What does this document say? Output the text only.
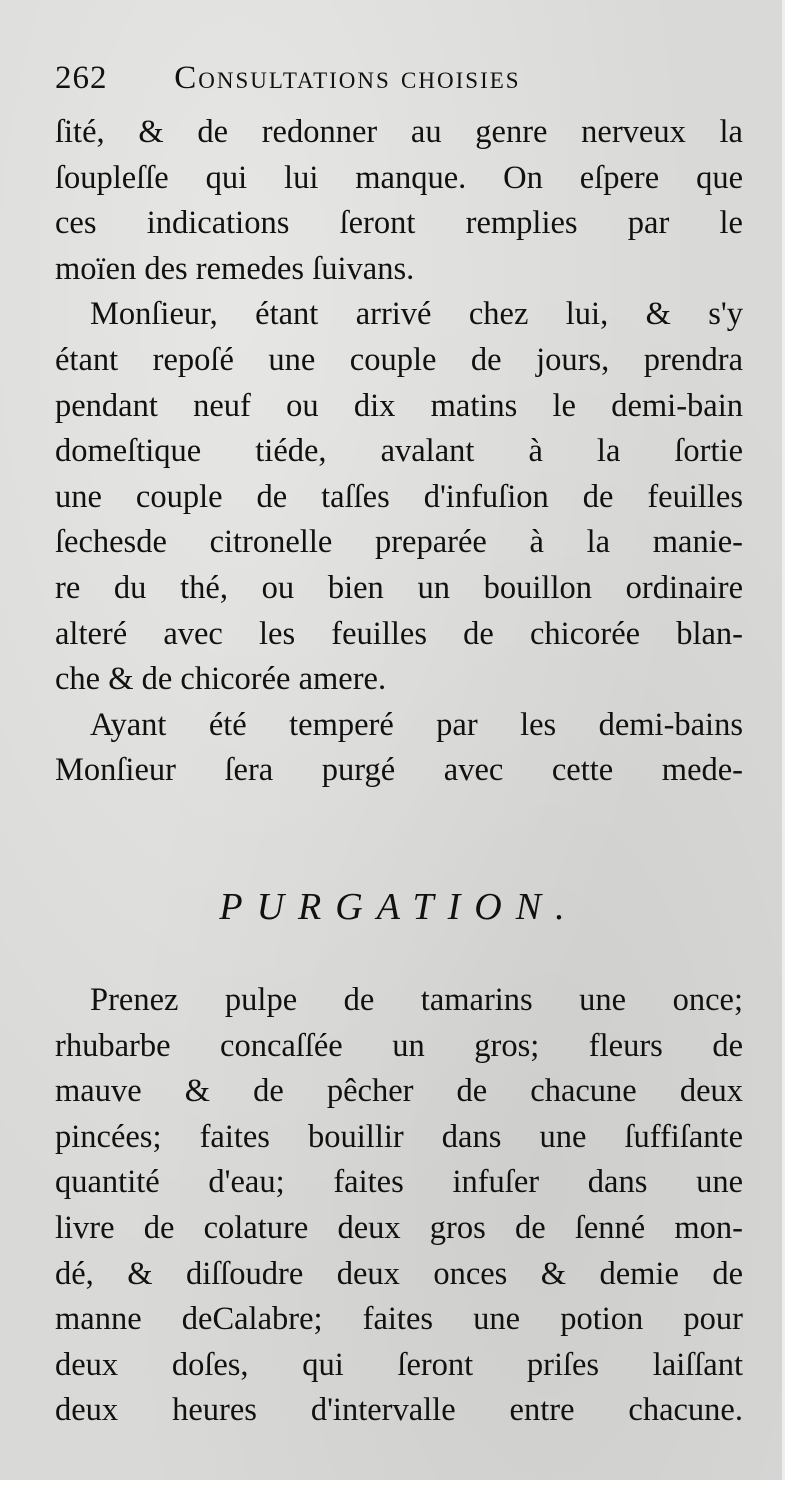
262 Consultations choisies
ſité, & de redonner au genre nerveux la
ſoupleſſe qui lui manque. On eſpere que
ces indications ſeront remplies par le
moïen des remedes ſuivans.
Monſieur, étant arrivé chez lui, & s'y
étant repoſé une couple de jours, prendra
pendant neuf ou dix matins le demi-bain
domeſtique tiéde, avalant à la ſortie
une couple de taſſes d'infuſion de feuilles
ſechesde citronelle preparée à la manie-
re du thé, ou bien un bouillon ordinaire
alteré avec les feuilles de chicorée blan-
che & de chicorée amere.
Ayant été temperé par les demi-bains
Monſieur ſera purgé avec cette mede-
PURGATION.
Prenez pulpe de tamarins une once;
rhubarbe concaſſée un gros; fleurs de
mauve & de pêcher de chacune deux
pincées; faites bouillir dans une ſuffiſante
quantité d'eau; faites infuſer dans une
livre de colature deux gros de ſenné mon-
dé, & diſſoudre deux onces & demie de
manne deCalabre; faites une potion pour
deux doſes, qui ſeront priſes laiſſant
deux heures d'intervalle entre chacune.
